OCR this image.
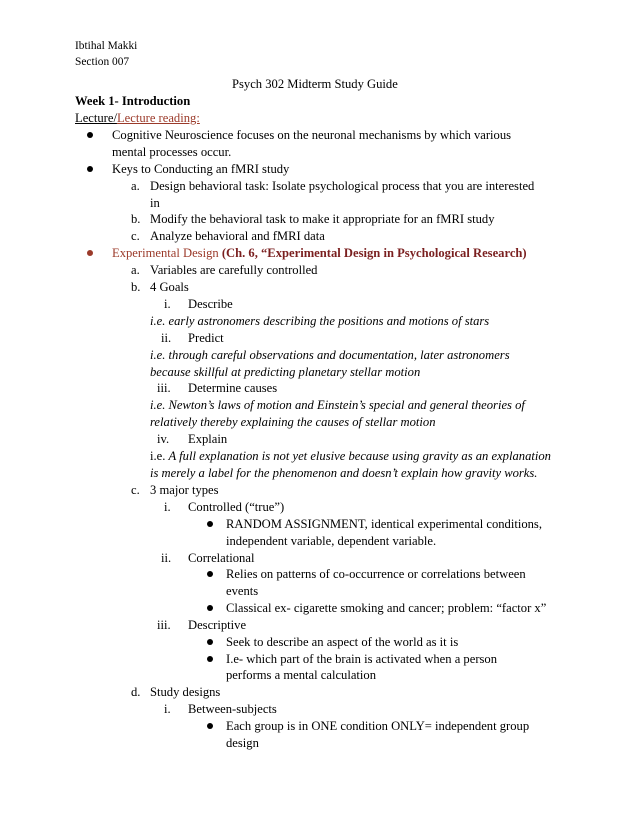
Ibtihal Makki
Section 007
Psych 302 Midterm Study Guide
Week 1- Introduction
Lecture/Lecture reading:
Cognitive Neuroscience focuses on the neuronal mechanisms by which various
mental processes occur.
Keys to Conducting an fMRI study
a. Design behavioral task: Isolate psychological process that you are interested
in
b. Modify the behavioral task to make it appropriate for an fMRI study
c. Analyze behavioral and fMRI data
Experimental Design (Ch. 6, “Experimental Design in Psychological Research)
a. Variables are carefully controlled
b. 4 Goals
i. Describe
i.e. early astronomers describing the positions and motions of stars
ii. Predict
i.e. through careful observations and documentation, later astronomers
because skillful at predicting planetary stellar motion
iii. Determine causes
i.e. Newton’s laws of motion and Einstein’s special and general theories of
relatively thereby explaining the causes of stellar motion
iv. Explain
i.e. A full explanation is not yet elusive because using gravity as an explanation
is merely a label for the phenomenon and doesn’t explain how gravity works.
c. 3 major types
i. Controlled (“true”)
RANDOM ASSIGNMENT, identical experimental conditions,
independent variable, dependent variable.
ii. Correlational
Relies on patterns of co-occurrence or correlations between
events
Classical ex- cigarette smoking and cancer; problem: “factor x”
iii. Descriptive
Seek to describe an aspect of the world as it is
I.e- which part of the brain is activated when a person
performs a mental calculation
d. Study designs
i. Between-subjects
Each group is in ONE condition ONLY= independent group
design
